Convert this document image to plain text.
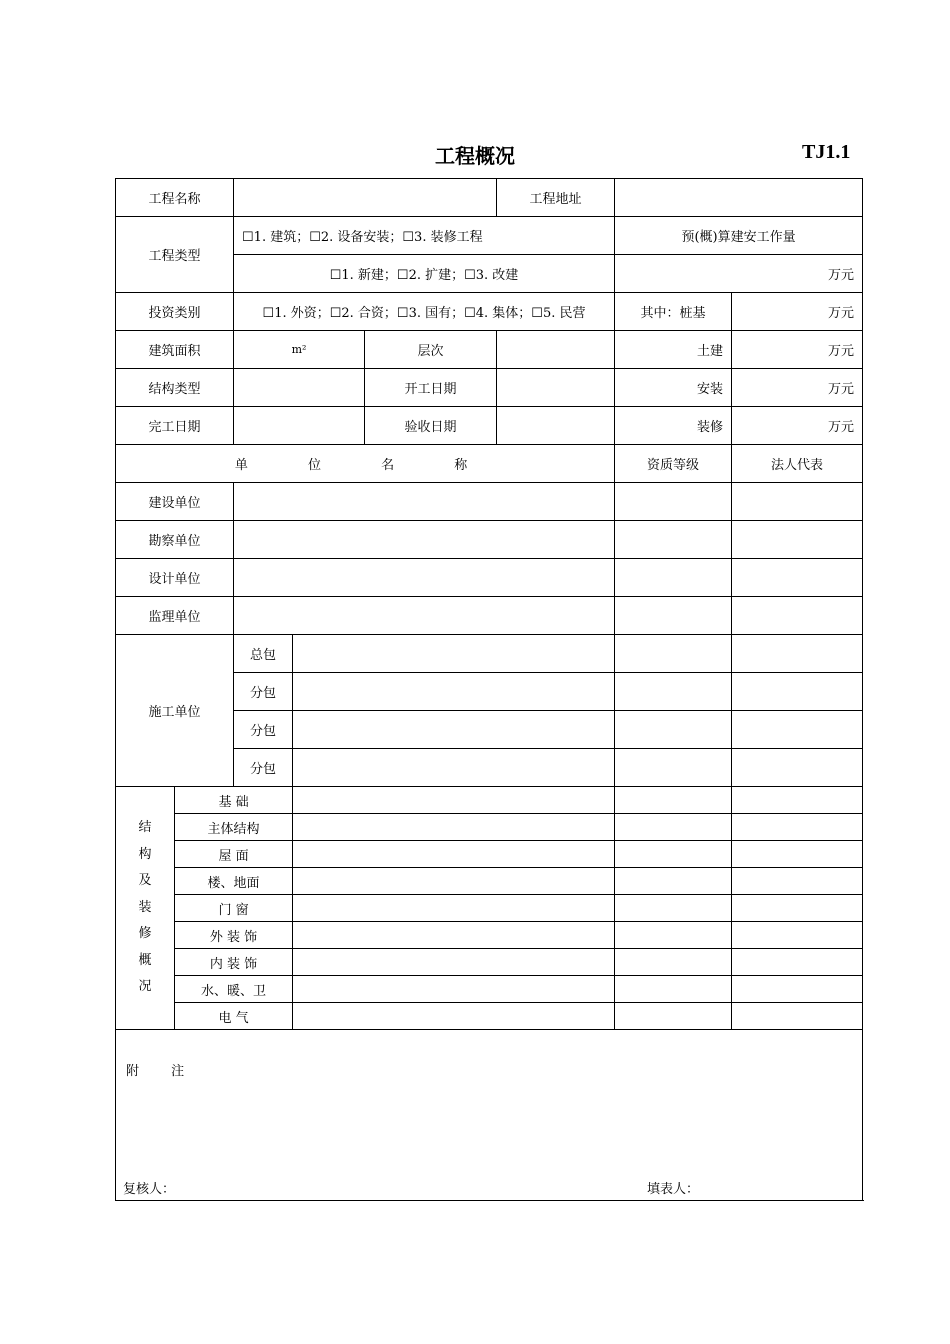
工程概况	TJ1.1
工程名称					工程地址			
工程类型		☐1. 建筑；☐2. 设备安装；☐3. 装修工程				预(概)算建安工作量		
		☐1. 新建；☐2. 扩建；☐3. 改建				万元		
投资类别		☐1. 外资；☐2. 合资；☐3. 国有；☐4. 集体；☐5. 民营				其中：桩基	万元	
建筑面积		m²		层次		土建	万元	
结构类型				开工日期		安装	万元	
完工日期				验收日期		装修	万元	
单 位 名 称						资质等级	法人代表	
建设单位								
勘察单位								
设计单位								
监理单位								
施工单位		总包						
		分包						
		分包						
		分包						
结构及装修概况	基 础							
	主体结构							
	屋 面							
	楼、地面							
	门 窗							
	外 装 饰							
	内 装 饰							
	水、暖、卫							
	电 气							
附 注								
复核人：	填表人：
